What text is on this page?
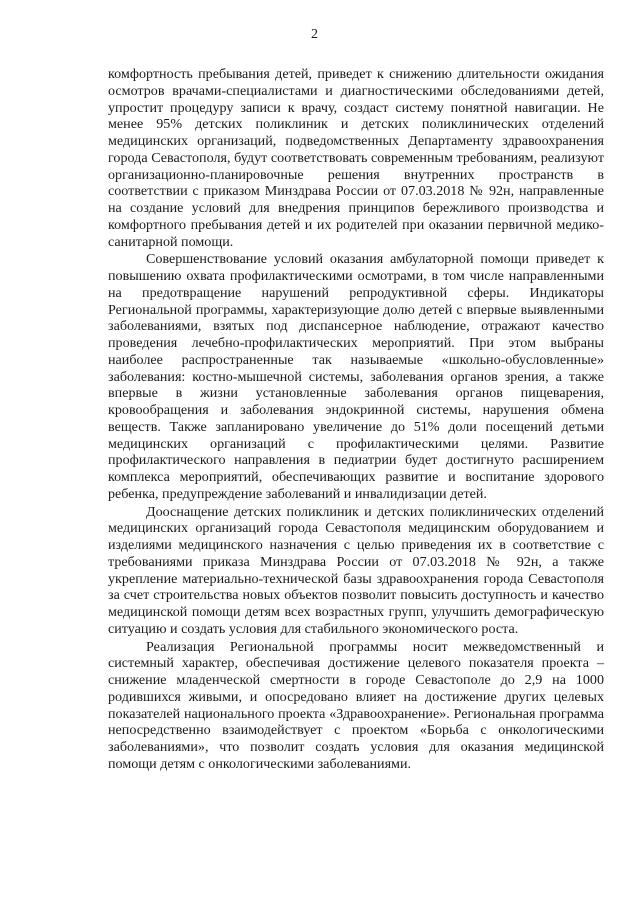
2

комфортность пребывания детей, приведет к снижению длительности ожидания осмотров врачами-специалистами и диагностическими обследованиями детей, упростит процедуру записи к врачу, создаст систему понятной навигации. Не менее 95% детских поликлиник и детских поликлинических отделений медицинских организаций, подведомственных Департаменту здравоохранения города Севастополя, будут соответствовать современным требованиям, реализуют организационно-планировочные решения внутренних пространств в соответствии с приказом Минздрава России от 07.03.2018 № 92н, направленные на создание условий для внедрения принципов бережливого производства и комфортного пребывания детей и их родителей при оказании первичной медико-санитарной помощи.

Совершенствование условий оказания амбулаторной помощи приведет к повышению охвата профилактическими осмотрами, в том числе направленными на предотвращение нарушений репродуктивной сферы. Индикаторы Региональной программы, характеризующие долю детей с впервые выявленными заболеваниями, взятых под диспансерное наблюдение, отражают качество проведения лечебно-профилактических мероприятий. При этом выбраны наиболее распространенные так называемые «школьно-обусловленные» заболевания: костно-мышечной системы, заболевания органов зрения, а также впервые в жизни установленные заболевания органов пищеварения, кровообращения и заболевания эндокринной системы, нарушения обмена веществ. Также запланировано увеличение до 51% доли посещений детьми медицинских организаций с профилактическими целями. Развитие профилактического направления в педиатрии будет достигнуто расширением комплекса мероприятий, обеспечивающих развитие и воспитание здорового ребенка, предупреждение заболеваний и инвалидизации детей.

Дооснащение детских поликлиник и детских поликлинических отделений медицинских организаций города Севастополя медицинским оборудованием и изделиями медицинского назначения с целью приведения их в соответствие с требованиями приказа Минздрава России от 07.03.2018 № 92н, а также укрепление материально-технической базы здравоохранения города Севастополя за счет строительства новых объектов позволит повысить доступность и качество медицинской помощи детям всех возрастных групп, улучшить демографическую ситуацию и создать условия для стабильного экономического роста.

Реализация Региональной программы носит межведомственный и системный характер, обеспечивая достижение целевого показателя проекта – снижение младенческой смертности в городе Севастополе до 2,9 на 1000 родившихся живыми, и опосредовано влияет на достижение других целевых показателей национального проекта «Здравоохранение». Региональная программа непосредственно взаимодействует с проектом «Борьба с онкологическими заболеваниями», что позволит создать условия для оказания медицинской помощи детям с онкологическими заболеваниями.
